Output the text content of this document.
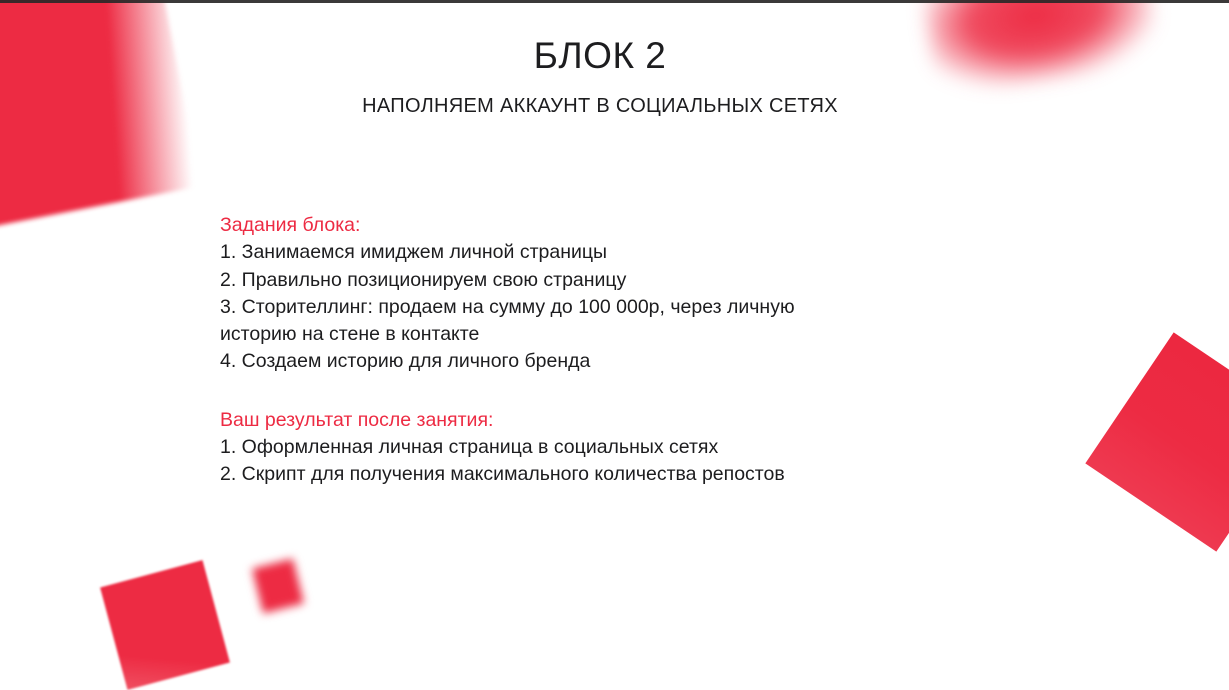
БЛОК 2
НАПОЛНЯЕМ АККАУНТ В СОЦИАЛЬНЫХ СЕТЯХ
Задания блока:
1. Занимаемся имиджем личной страницы
2. Правильно позиционируем свою страницу
3. Сторителлинг: продаем на сумму до 100 000р, через личную
историю на стене в контакте
4. Создаем историю для личного бренда
Ваш результат после занятия:
1. Оформленная личная страница в социальных сетях
2. Скрипт для получения максимального количества репостов
